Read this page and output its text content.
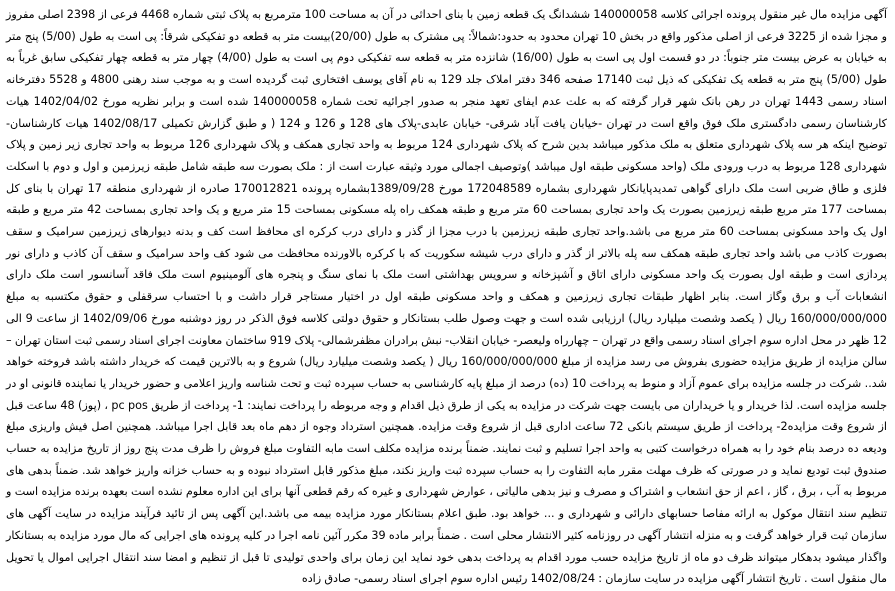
آگهی مزایده مال غیر منقول پرونده اجرائی کلاسه 140000058 ششدانگ یک قطعه زمین با بنای احداثی در آن به مساحت 100 مترمربع به پلاک ثبتی شماره 4468 فرعی از 2398 اصلی مفروز و مجزا شده از 3225 فرعی از اصلی مذکور واقع در بخش 10 تهران محدود به حدود:شمالاً: پی مشترک به طول (20/00)بیست متر به قطعه دو تفکیکی شرقاً: پی است به طول (5/00) پنج متر به خیابان به عرض بیست متر جنوباً: در دو قسمت اول پی است به طول (16/00) شانزده متر به قطعه سه تفکیکی دوم پی است به طول (4/00) چهار متر به قطعه چهار تفکیکی سابق غرباً به طول (5/00) پنج متر به قطعه یک تفکیکی که ذیل ثبت 17140 صفحه 346 دفتر املاک جلد 129 به نام آقای یوسف افتخاری ثبت گردیده است و به موجب سند رهنی 4800 و 5528 دفترخانه اسناد رسمی 1443 تهران در رهن بانک شهر قرار گرفته که به علت عدم ایفای تعهد منجر به صدور اجرائیه تحت شماره 140000058 شده است و برابر نظریه مورخ 1402/04/02 هیات کارشناسان رسمی دادگستری ملک فوق واقع است در تهران -خیابان یافت آباد شرقی- خیابان عابدی-پلاک های 128 و 126 و 124 ( و طبق گزارش تکمیلی 1402/08/17 هیات کارشناسان- توضیح اینکه هر سه پلاک شهرداری متعلق به ملک مذکور میباشد بدین شرح که پلاک شهرداری 124 مربوط به واحد تجاری همکف و پلاک شهرداری 126 مربوط به واحد تجاری زیر زمین و پلاک شهرداری 128 مربوط به درب ورودی ملک (واحد مسکونی طبقه اول میباشد )وتوصیف اجمالی مورد وثیقه عبارت است از : ملک بصورت سه طبقه شامل طبقه زیرزمین و اول و دوم با اسکلت فلزی و طاق ضربی است ملک دارای گواهی تمدیدپایانکار شهرداری بشماره 172048589 مورخ 1389/09/28بشماره پرونده 170012821 صادره از شهرداری منطقه 17 تهران با بنای کل بمساحت 177 متر مربع طبقه زیرزمین بصورت یک واحد تجاری بمساحت 60 متر مربع و طبقه همکف راه پله مسکونی بمساحت 15 متر مربع و یک واحد تجاری بمساحت 42 متر مربع و طبقه اول یک واحد مسکونی بمساحت 60 متر مربع می باشد.واحد تجاری طبقه زیرزمین با درب مجزا از گذر و دارای درب کرکره ای محافظ است کف و بدنه دیوارهای زیرزمین سرامیک و سقف بصورت کاذب می باشد واحد تجاری طبقه همکف سه پله بالاتر از گذر و دارای درب شیشه سکوریت که با کرکره بالاورنده محافظت می شود کف واحد سرامیک و سقف آن کاذب و دارای نور پردازی است و طبقه اول بصورت یک واحد مسکونی دارای اتاق و آشپزخانه و سرویس بهداشتی است ملک با نمای سنگ و پنجره های آلومینیوم است ملک فاقد آسانسور است ملک دارای انشعابات آب و برق وگاز است. بنابر اظهار طبقات تجاری زیرزمین و همکف و واحد مسکونی طبقه اول در اختیار مستاجر قرار داشت و با احتساب سرقفلی و حقوق مکتسبه به مبلغ 160/000/000/000 ریال ( یکصد وشصت میلیارد ریال) ارزیابی شده است و جهت وصول طلب بستانکار و حقوق دولتی کلاسه فوق الذکر در روز دوشنبه مورخ 1402/09/06 از ساعت 9 الی 12 ظهر در محل اداره سوم اجرای اسناد رسمی واقع در تهران – چهارراه ولیعصر- خیابان انقلاب- نبش برادران مظفرشمالی- پلاک 919 ساختمان معاونت اجرای اسناد رسمی ثبت استان تهران – سالن مزایده از طریق مزایده حضوری بفروش می رسد مزایده از مبلغ 160/000/000/000 ریال ( یکصد وشصت میلیارد ریال) شروع و به بالاترین قیمت که خریدار داشته باشد فروخته خواهد شد.. شرکت در جلسه مزایده برای عموم آزاد و منوط به پرداخت 10 (ده) درصد از مبلغ پایه کارشناسی به حساب سپرده ثبت و تحت شناسه واریز اعلامی و حضور خریدار یا نماینده قانونی او در جلسه مزایده است. لذا خریدار و یا خریداران می بایست جهت شرکت در مزایده به یکی از طرق ذیل اقدام و وجه مربوطه را پرداخت نمایند: 1- پرداخت از طریق pc pos ، (پوز) 48 ساعت قبل از شروع وقت مزایده2- پرداخت از طریق سیستم بانکی 72 ساعت اداری قبل از شروع وقت مزایده. همچنین استرداد وجوه از دهم ماه بعد قابل اجرا میباشد. همچنین اصل فیش واریزی مبلغ ودیعه ده درصد بنام خود را به همراه درخواست کتبی به واحد اجرا تسلیم و ثبت نمایند. ضمناً برنده مزایده مکلف است مابه التفاوت مبلغ فروش را ظرف مدت پنج روز از تاریخ مزایده به حساب صندوق ثبت تودیع نماید و در صورتی که ظرف مهلت مقرر مابه التفاوت را به حساب سپرده ثبت واریز نکند، مبلغ مذکور قابل استرداد نبوده و به حساب خزانه واریز خواهد شد. ضمناً بدهی های مربوط به آب ، برق ، گاز ، اعم از حق انشعاب و اشتراک و مصرف و نیز بدهی مالیاتی ، عوارض شهرداری و غیره که رقم قطعی آنها برای این اداره معلوم نشده است بعهده برنده مزایده است و تنظیم سند انتقال موکول به ارائه مفاصا حسابهای دارائی و شهرداری و ... خواهد بود. طبق اعلام بستانکار مورد مزایده بیمه می باشد.این آگهی پس از تائید فرآیند مزایده در سایت آگهی های سازمان ثبت قرار خواهد گرفت و به منزله انتشار آگهی در روزنامه کثیر الانتشار محلی است . ضمناً برابر ماده 39 مکرر آئین نامه اجرا در کلیه پرونده های اجرایی که مال مورد مزایده به بستانکار واگذار میشود بدهکار میتواند ظرف دو ماه از تاریخ مزایده حسب مورد اقدام به پرداخت بدهی خود نماید این زمان برای واحدی تولیدی تا قبل از تنظیم و امضا سند انتقال اجرایی اموال یا تحویل مال منقول است . تاریخ انتشار آگهی مزایده در سایت سازمان : 1402/08/24 رئیس اداره سوم اجرای اسناد رسمی- صادق زاده
